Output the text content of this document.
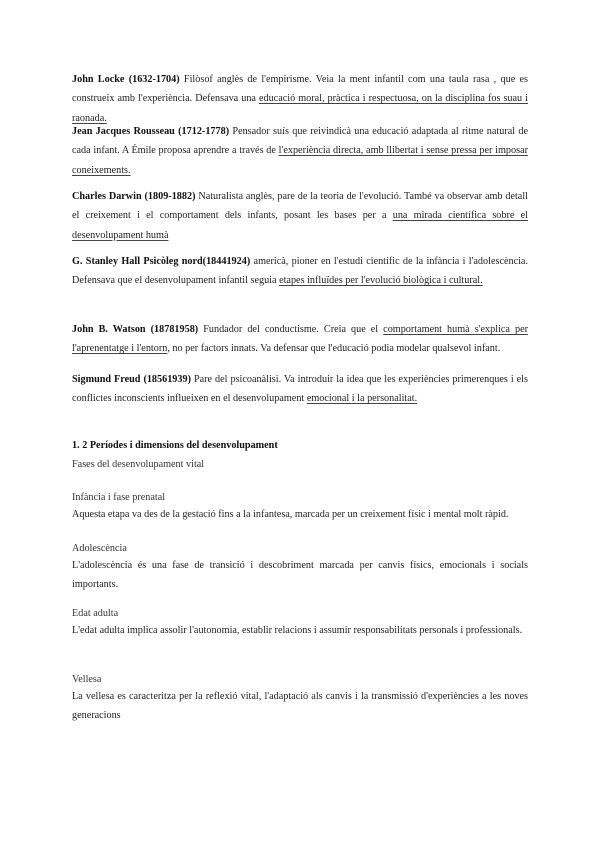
John Locke (1632-1704) Filòsof anglès de l'empirisme. Veia la ment infantil com una taula rasa , que es construeix amb l'experiència. Defensava una educació moral, pràctica i respectuosa, on la disciplina fos suau i raonada.

Jean Jacques Rousseau (1712-1778) Pensador suís que reivindicà una educació adaptada al ritme natural de cada infant. A Émile proposa aprendre a través de l'experiència directa, amb llibertat i sense pressa per imposar coneixements.

Charles Darwin (1809-1882) Naturalista anglès, pare de la teoria de l'evolució. També va observar amb detall el creixement i el comportament dels infants, posant les bases per a una mirada científica sobre el desenvolupament humà

G. Stanley Hall Psicòleg nord(18441924) americà, pioner en l'estudi científic de la infància i l'adolescència. Defensava que el desenvolupament infantil seguia etapes influïdes per l'evolució biològica i cultural.

John B. Watson (18781958) Fundador del conductisme. Creia que el comportament humà s'explica per l'aprenentatge i l'entorn, no per factors innats. Va defensar que l'educació podia modelar qualsevol infant.

Sigmund Freud (18561939) Pare del psicoanàlisi. Va introduir la idea que les experiències primerenques i els conflictes inconscients influeixen en el desenvolupament emocional i la personalitat.

1. 2 Períodes i dimensions del desenvolupament

Fases del desenvolupament vital

Infància i fase prenatal

Aquesta etapa va des de la gestació fins a la infantesa, marcada per un creixement físic i mental molt ràpid.

Adolescència

L'adolescència és una fase de transició i descobriment marcada per canvis físics, emocionals i socials importants.

Edat adulta

L'edat adulta implica assolir l'autonomia, establir relacions i assumir responsabilitats personals i professionals.

Vellesa

La vellesa es caracteritza per la reflexió vital, l'adaptació als canvis i la transmissió d'experiències a les noves generacions
